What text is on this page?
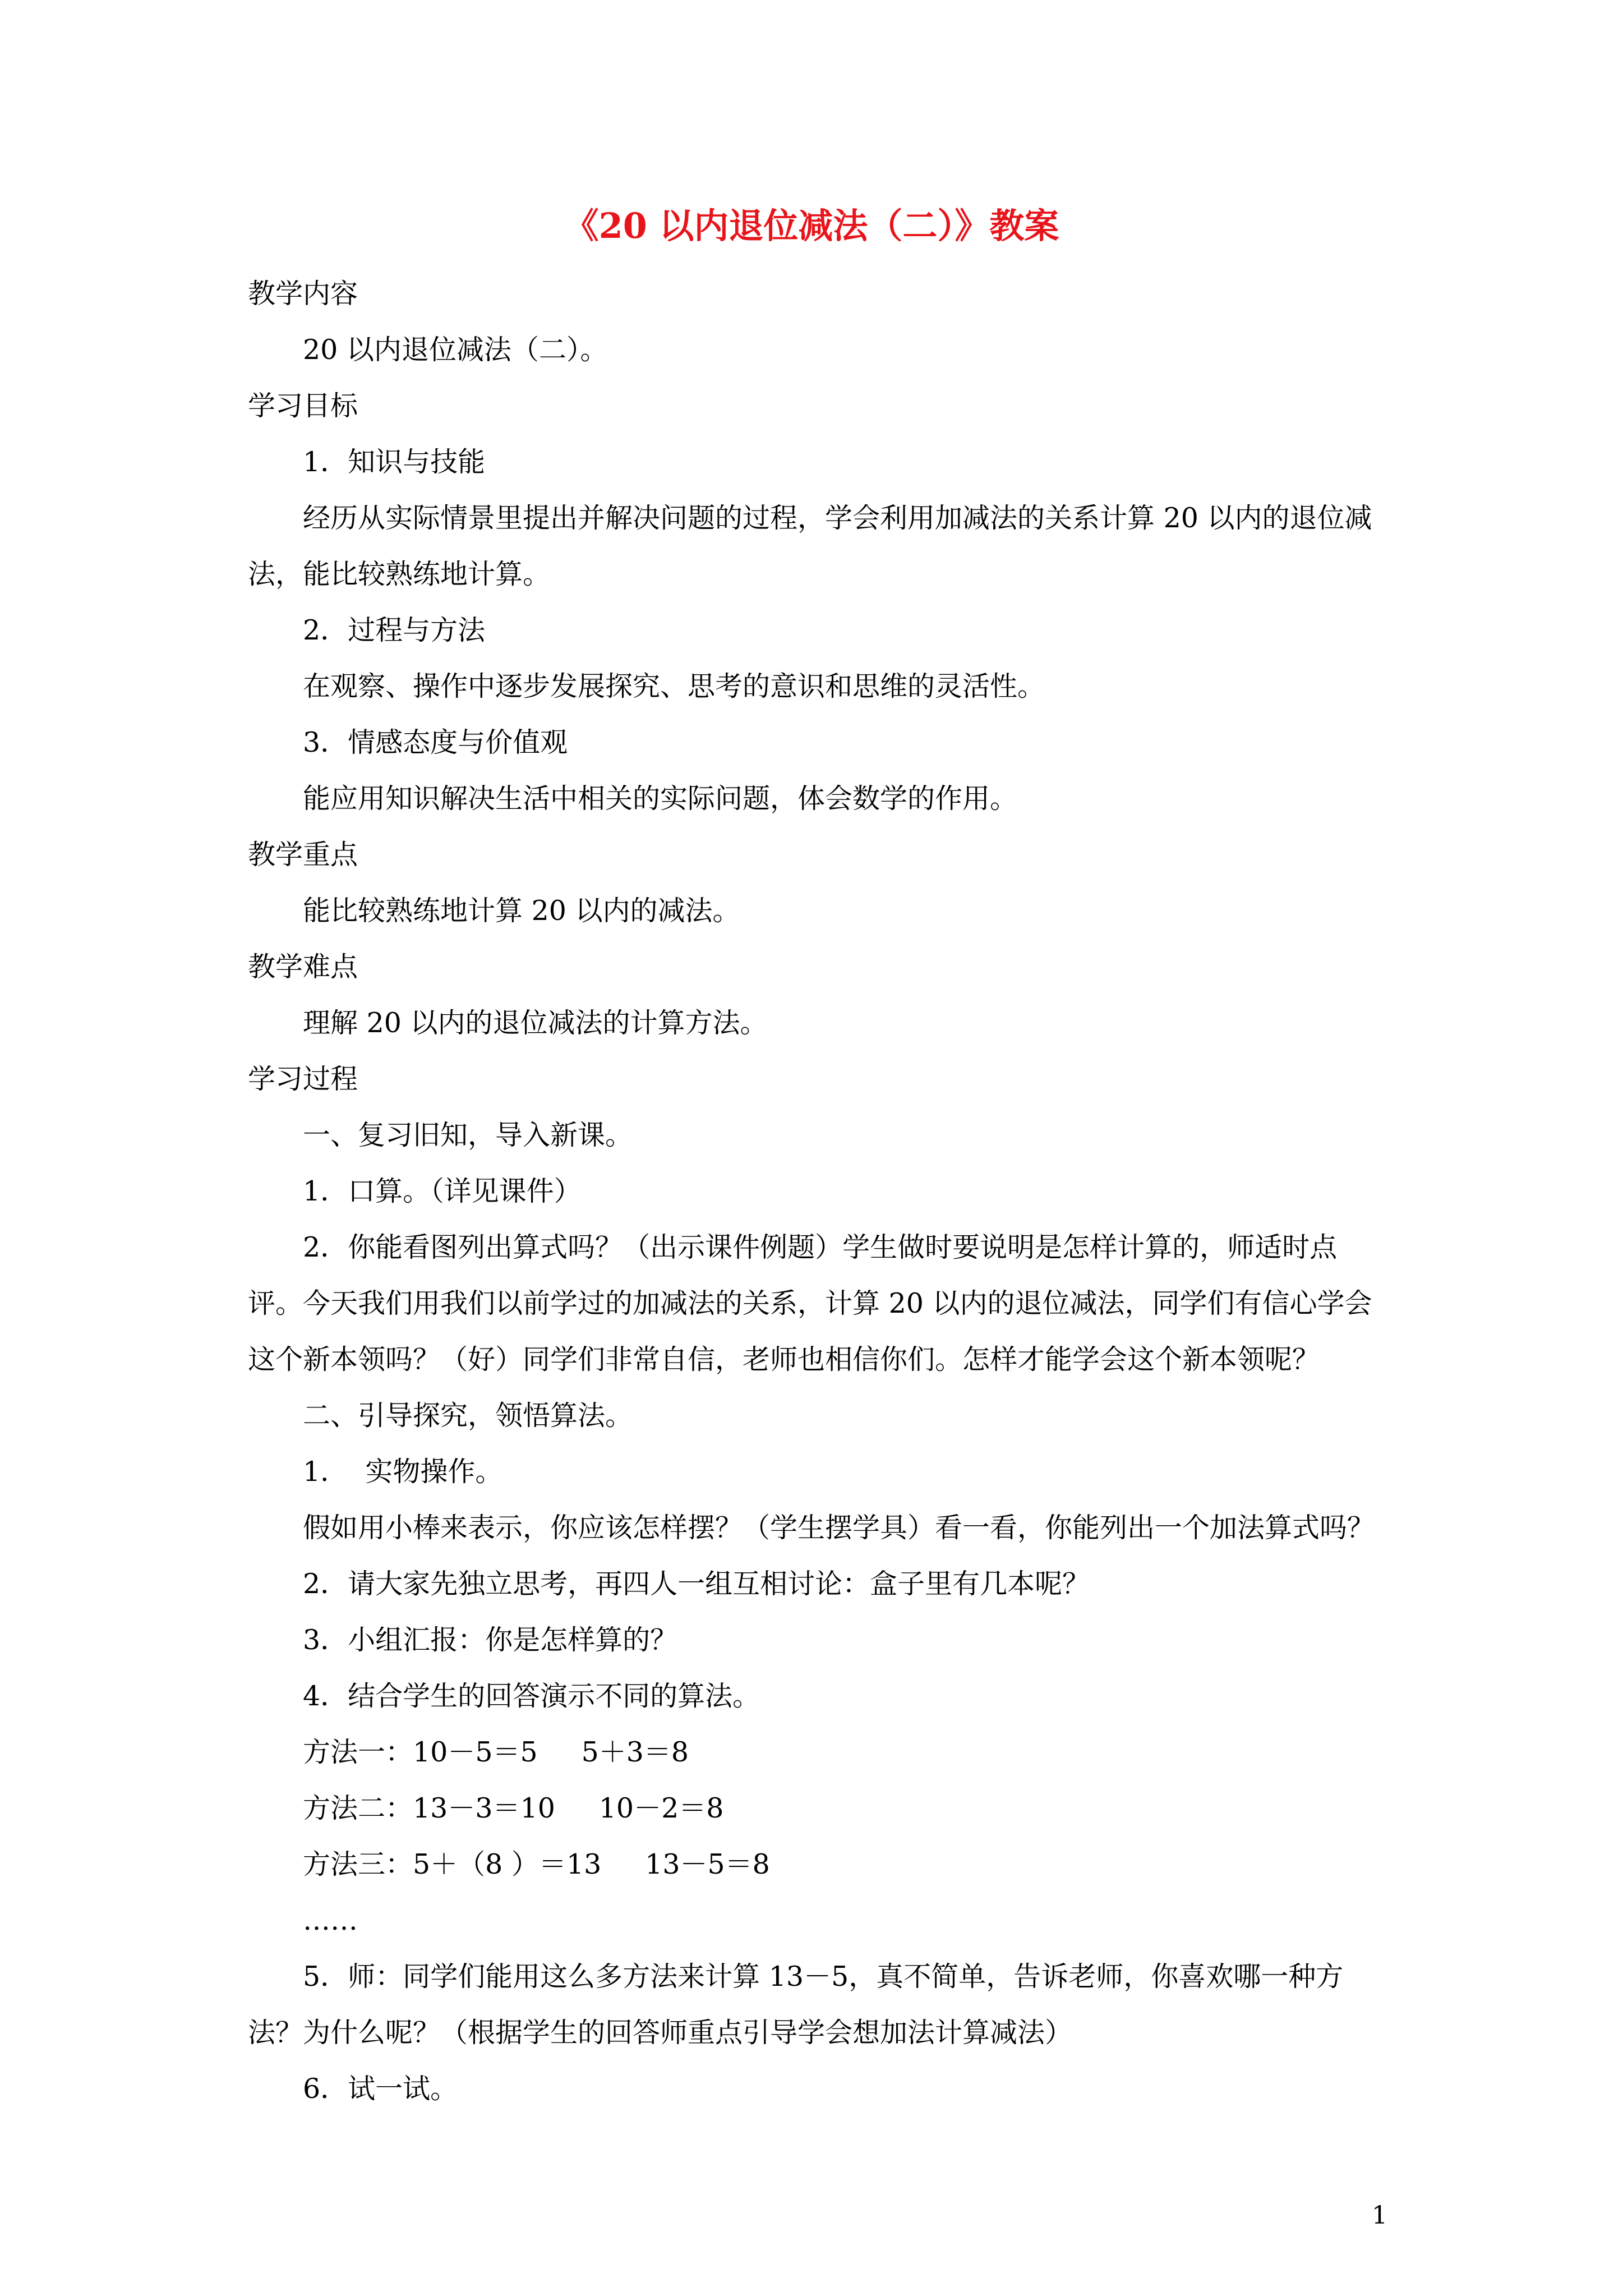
《20 以内退位减法（二）》教案

教学内容

20 以内退位减法（二）。

学习目标

1．知识与技能

经历从实际情景里提出并解决问题的过程，学会利用加减法的关系计算 20 以内的退位减法，能比较熟练地计算。

2．过程与方法

在观察、操作中逐步发展探究、思考的意识和思维的灵活性。

3．情感态度与价值观

能应用知识解决生活中相关的实际问题，体会数学的作用。

教学重点

能比较熟练地计算 20 以内的减法。

教学难点

理解 20 以内的退位减法的计算方法。

学习过程

一、复习旧知，导入新课。

1．口算。（详见课件）

2．你能看图列出算式吗？（出示课件例题）学生做时要说明是怎样计算的，师适时点评。今天我们用我们以前学过的加减法的关系，计算 20 以内的退位减法，同学们有信心学会这个新本领吗？（好）同学们非常自信，老师也相信你们。怎样才能学会这个新本领呢？

二、引导探究，领悟算法。

1．  实物操作。

假如用小棒来表示，你应该怎样摆？（学生摆学具）看一看，你能列出一个加法算式吗？

2．请大家先独立思考，再四人一组互相讨论：盒子里有几本呢？

3．小组汇报：你是怎样算的？

4．结合学生的回答演示不同的算法。

方法一：10－5＝5     5＋3＝8

方法二：13－3＝10     10－2＝8

方法三：5＋（8 ）＝13     13－5＝8

……

5．师：同学们能用这么多方法来计算 13－5，真不简单，告诉老师，你喜欢哪一种方法？为什么呢？（根据学生的回答师重点引导学会想加法计算减法）

6．试一试。

1
